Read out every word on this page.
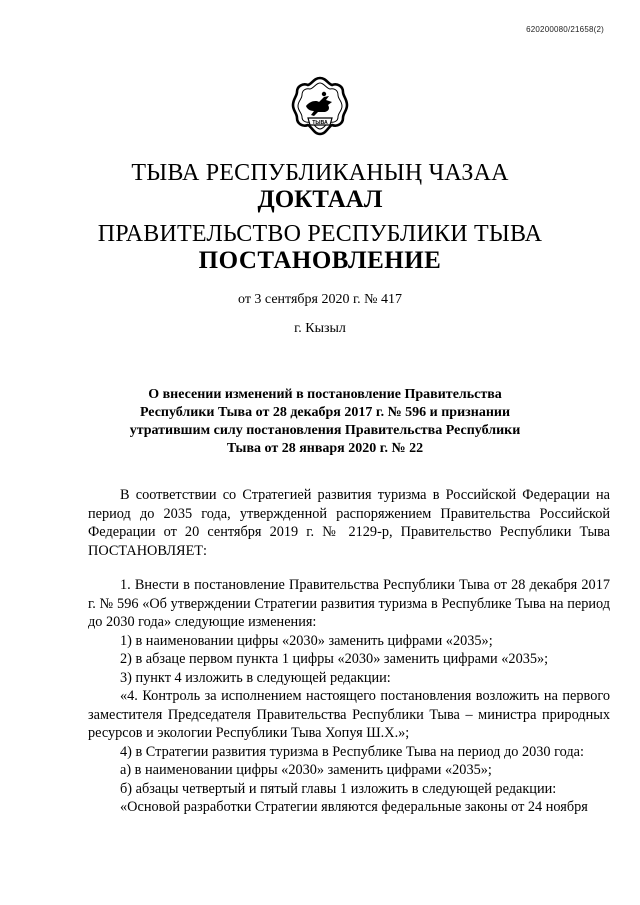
620200080/21658(2)
ТЫВА
ТЫВА РЕСПУБЛИКАНЫҢ ЧАЗАА
ДОКТААЛ
ПРАВИТЕЛЬСТВО РЕСПУБЛИКИ ТЫВА
ПОСТАНОВЛЕНИЕ
от 3 сентября 2020 г. № 417
г. Кызыл
О внесении изменений в постановление Правительства
Республики Тыва от 28 декабря 2017 г. № 596 и признании
утратившим силу постановления Правительства Республики
Тыва от 28 января 2020 г. № 22

В соответствии со Стратегией развития туризма в Российской Федерации на период до 2035 года, утвержденной распоряжением Правительства Российской Федерации от 20 сентября 2019 г. № 2129-р, Правительство Республики Тыва ПОСТАНОВЛЯЕТ:

1. Внести в постановление Правительства Республики Тыва от 28 декабря 2017 г. № 596 «Об утверждении Стратегии развития туризма в Республике Тыва на период до 2030 года» следующие изменения:

1) в наименовании цифры «2030» заменить цифрами «2035»;

2) в абзаце первом пункта 1 цифры «2030» заменить цифрами «2035»;

3) пункт 4 изложить в следующей редакции:

«4. Контроль за исполнением настоящего постановления возложить на первого заместителя Председателя Правительства Республики Тыва – министра природных ресурсов и экологии Республики Тыва Хопуя Ш.Х.»;

4) в Стратегии развития туризма в Республике Тыва на период до 2030 года:

а) в наименовании цифры «2030» заменить цифрами «2035»;

б) абзацы четвертый и пятый главы 1 изложить в следующей редакции:

«Основой разработки Стратегии являются федеральные законы от 24 ноября
